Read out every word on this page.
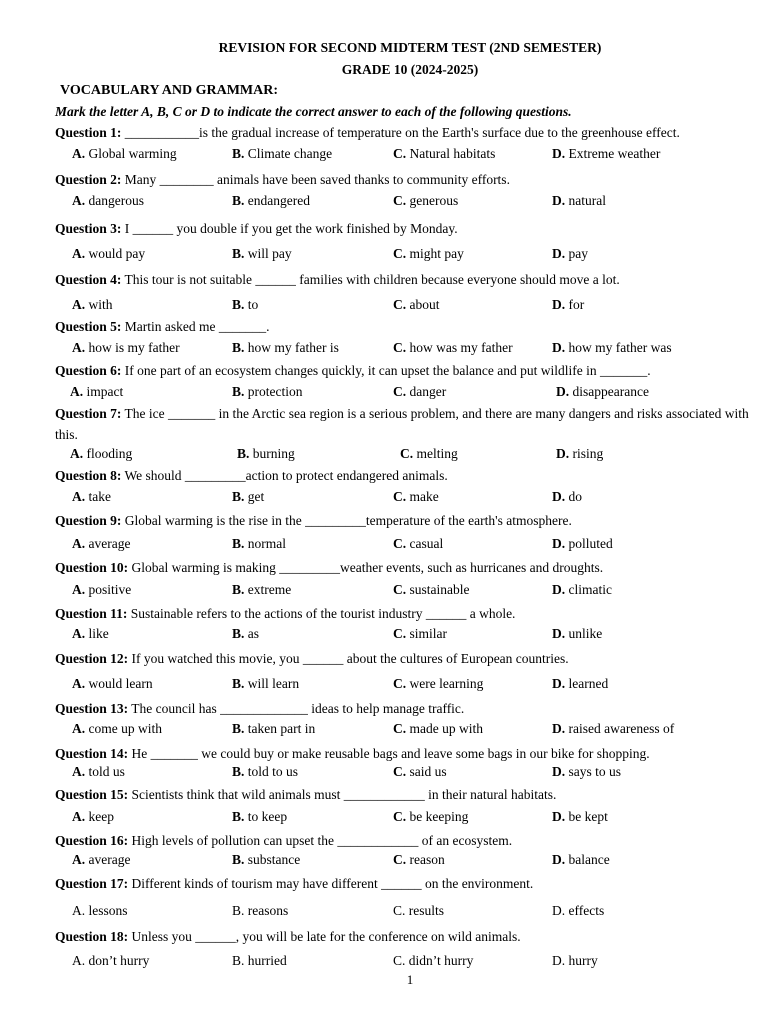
REVISION FOR SECOND MIDTERM TEST (2ND SEMESTER)
GRADE 10 (2024-2025)
VOCABULARY AND GRAMMAR:
Mark the letter A, B, C or D to indicate the correct answer to each of the following questions.
Question 1: ___________is the gradual increase of temperature on the Earth's surface due to the greenhouse effect.
A. Global warming	B. Climate change	C. Natural habitats	D. Extreme weather
Question 2: Many ________ animals have been saved thanks to community efforts.
A. dangerous	B. endangered	C. generous	D. natural
Question 3: I ______ you double if you get the work finished by Monday.
A. would pay	B. will pay	C. might pay	D. pay
Question 4: This tour is not suitable ______ families with children because everyone should move a lot.
A. with	B. to	C. about	D. for
Question 5: Martin asked me _______.
A. how is my father	B. how my father is	C. how was my father	D. how my father was
Question 6: If one part of an ecosystem changes quickly, it can upset the balance and put wildlife in _______.
A. impact	B. protection	C. danger	D. disappearance
Question 7: The ice _______ in the Arctic sea region is a serious problem, and there are many dangers and risks associated with this.
A. flooding	B. burning	C. melting	D. rising
Question 8: We should _________action to protect endangered animals.
A. take	B. get	C. make	D. do
Question 9: Global warming is the rise in the _________temperature of the earth's atmosphere.
A. average	B. normal	C. casual	D. polluted
Question 10: Global warming is making _________weather events, such as hurricanes and droughts.
A. positive	B. extreme	C. sustainable	D. climatic
Question 11: Sustainable refers to the actions of the tourist industry ______ a whole.
A. like	B. as	C. similar	D. unlike
Question 12: If you watched this movie, you ______ about the cultures of European countries.
A. would learn	B. will learn	C. were learning	D. learned
Question 13: The council has _____________ ideas to help manage traffic.
A. come up with	B. taken part in	C. made up with	D. raised awareness of
Question 14: He _______ we could buy or make reusable bags and leave some bags in our bike for shopping.
A. told us	B. told to us	C. said us	D. says to us
Question 15: Scientists think that wild animals must ____________ in their natural habitats.
A. keep	B. to keep	C. be keeping	D. be kept
Question 16: High levels of pollution can upset the ____________ of an ecosystem.
A. average	B. substance	C. reason	D. balance
Question 17: Different kinds of tourism may have different ______ on the environment.
A. lessons	B. reasons	C. results	D. effects
Question 18: Unless you ______, you will be late for the conference on wild animals.
A. don’t hurry	B. hurried	C. didn’t hurry	D. hurry
1
